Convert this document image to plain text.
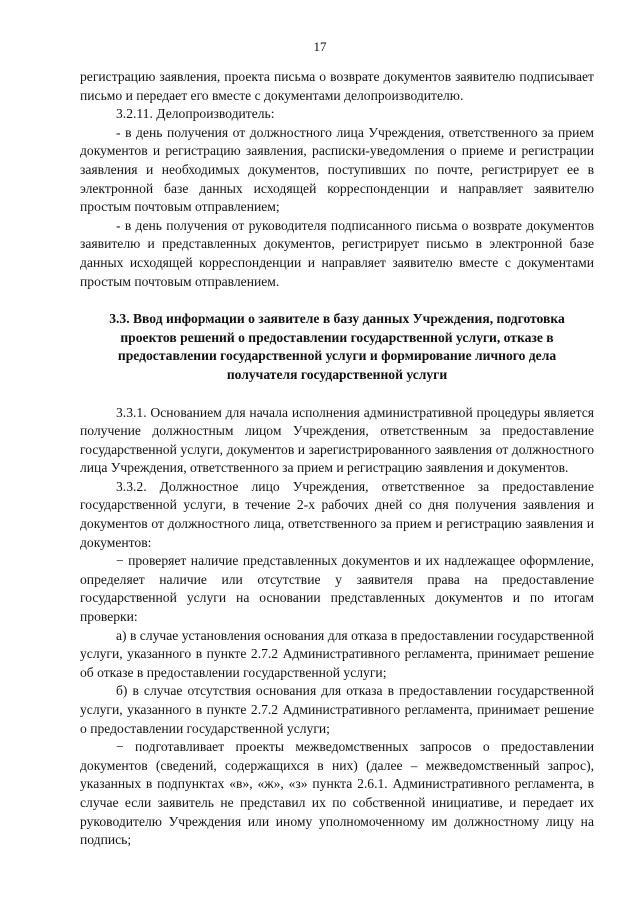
17

регистрацию заявления, проекта письма о возврате документов заявителю подписывает письмо и передает его вместе с документами делопроизводителю.

3.2.11. Делопроизводитель:

- в день получения от должностного лица Учреждения, ответственного за прием документов и регистрацию заявления, расписки-уведомления о приеме и регистрации заявления и необходимых документов, поступивших по почте, регистрирует ее в электронной базе данных исходящей корреспонденции и направляет заявителю простым почтовым отправлением;

- в день получения от руководителя подписанного письма о возврате документов заявителю и представленных документов, регистрирует письмо в электронной базе данных исходящей корреспонденции и направляет заявителю вместе с документами простым почтовым отправлением.

3.3. Ввод информации о заявителе в базу данных Учреждения, подготовка проектов решений о предоставлении государственной услуги, отказе в предоставлении государственной услуги и формирование личного дела получателя государственной услуги

3.3.1. Основанием для начала исполнения административной процедуры является получение должностным лицом Учреждения, ответственным за предоставление государственной услуги, документов и зарегистрированного заявления от должностного лица Учреждения, ответственного за прием и регистрацию заявления и документов.

3.3.2. Должностное лицо Учреждения, ответственное за предоставление государственной услуги, в течение 2-х рабочих дней со дня получения заявления и документов от должностного лица, ответственного за прием и регистрацию заявления и документов:

− проверяет наличие представленных документов и их надлежащее оформление, определяет наличие или отсутствие у заявителя права на предоставление государственной услуги на основании представленных документов и по итогам проверки:

а) в случае установления основания для отказа в предоставлении государственной услуги, указанного в пункте 2.7.2 Административного регламента, принимает решение об отказе в предоставлении государственной услуги;

б) в случае отсутствия основания для отказа в предоставлении государственной услуги, указанного в пункте 2.7.2 Административного регламента, принимает решение о предоставлении государственной услуги;

− подготавливает проекты межведомственных запросов о предоставлении документов (сведений, содержащихся в них) (далее – межведомственный запрос), указанных в подпунктах «в», «ж», «з» пункта 2.6.1. Административного регламента, в случае если заявитель не представил их по собственной инициативе, и передает их руководителю Учреждения или иному уполномоченному им должностному лицу на подпись;
